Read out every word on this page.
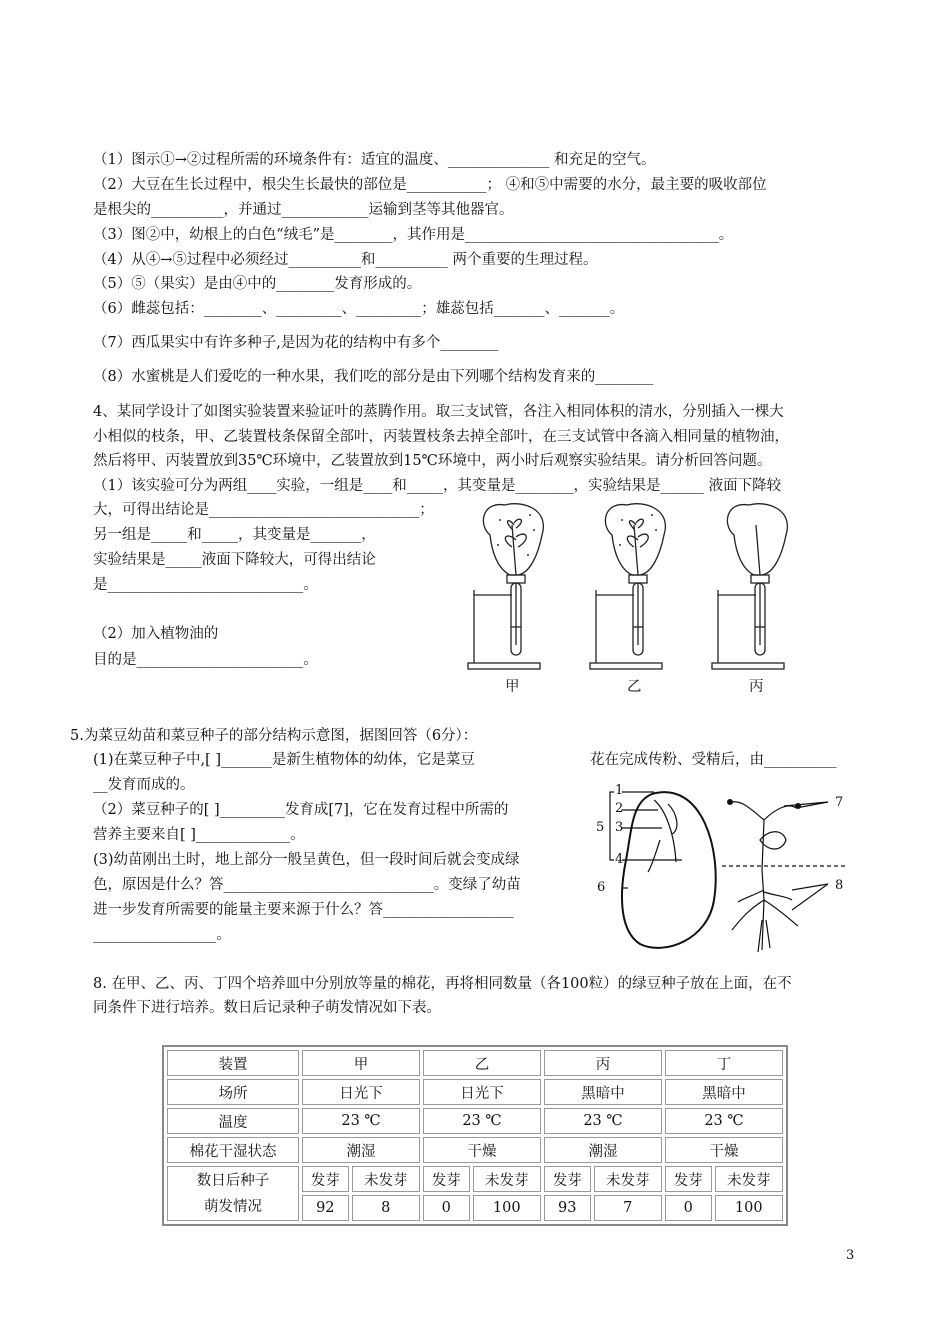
（1）图示①→②过程所需的环境条件有：适宜的温度、______________ 和充足的空气。
（2）大豆在生长过程中，根尖生长最快的部位是___________； ④和⑤中需要的水分，最主要的吸收部位
是根尖的__________，并通过____________运输到茎等其他器官。
（3）图②中，幼根上的白色“绒毛”是________，其作用是___________________________________。
（4）从④→⑤过程中必须经过__________和__________ 两个重要的生理过程。
（5）⑤（果实）是由④中的________发育形成的。
（6）雌蕊包括：________、_________、_________；雄蕊包括_______、_______。
（7）西瓜果实中有许多种子,是因为花的结构中有多个________
（8）水蜜桃是人们爱吃的一种水果，我们吃的部分是由下列哪个结构发育来的________
4、某同学设计了如图实验装置来验证叶的蒸腾作用。取三支试管，各注入相同体积的清水，分别插入一棵大
小相似的枝条，甲、乙装置枝条保留全部叶，丙装置枝条去掉全部叶，在三支试管中各滴入相同量的植物油，
然后将甲、丙装置放到35℃环境中，乙装置放到15℃环境中，两小时后观察实验结果。请分析回答问题。
（1）该实验可分为两组____实验，一组是____和_____，其变量是________，实验结果是______ 液面下降较
大，可得出结论是_____________________________；
另一组是_____和_____，其变量是_______，
实验结果是_____液面下降较大，可得出结论
是___________________________。
（2）加入植物油的
目的是_______________________。
甲	乙	丙
5.为菜豆幼苗和菜豆种子的部分结构示意图，据图回答（6分）：
(1)在菜豆种子中,[ ]_______是新生植物体的幼体，它是菜豆	花在完成传粉、受精后，由__________
__发育而成的。
（2）菜豆种子的[ ]_________发育成[7]，它在发育过程中所需的
营养主要来自[ ]_____________。
(3)幼苗刚出土时，地上部分一般呈黄色，但一段时间后就会变成绿
色，原因是什么？答_____________________________。变绿了幼苗
进一步发育所需要的能量主要来源于什么？答__________________
_________________。
1
2
3
4
5
6
7
8
8. 在甲、乙、丙、丁四个培养皿中分别放等量的棉花，再将相同数量（各100粒）的绿豆种子放在上面，在不
同条件下进行培养。数日后记录种子萌发情况如下表。
装置	甲		乙		丙		丁	
场所	日光下		日光下		黑暗中		黑暗中	
温度	23 ℃		23 ℃		23 ℃		23 ℃	
棉花干湿状态	潮湿		干燥		潮湿		干燥	
数日后种子萌发情况	发芽	未发芽	发芽	未发芽	发芽	未发芽	发芽	未发芽
	92	8	0	100	93	7	0	100
3
